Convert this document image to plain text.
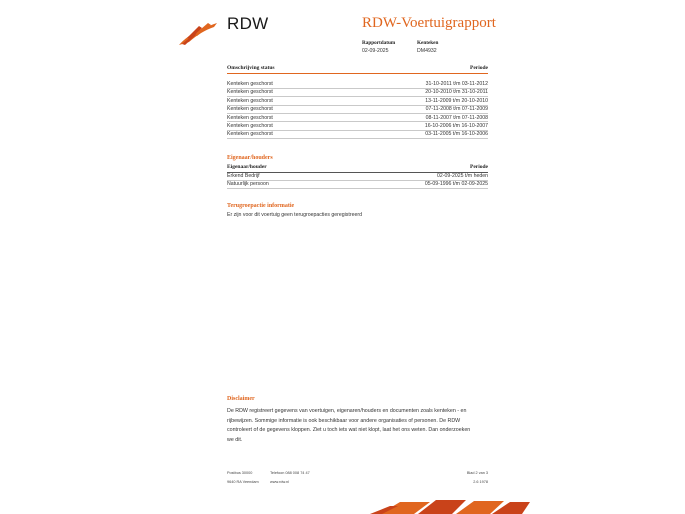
RDW	RDW-Voertuigrapport
Rapportdatum
02-09-2025
Kenteken
DM4932
Omschrijving status	Periode
Kenteken geschorst	31-10-2011 t/m 03-11-2012
Kenteken geschorst	20-10-2010 t/m 31-10-2011
Kenteken geschorst	13-11-2009 t/m 20-10-2010
Kenteken geschorst	07-11-2008 t/m 07-11-2009
Kenteken geschorst	08-11-2007 t/m 07-11-2008
Kenteken geschorst	16-10-2006 t/m 16-10-2007
Kenteken geschorst	03-11-2005 t/m 16-10-2006
Eigenaar/houders
Eigenaar/houder	Periode
Erkend Bedrijf	02-09-2025 t/m heden
Natuurlijk persoon	05-09-1996 t/m 02-09-2025
Terugroepactie informatie
Er zijn voor dit voertuig geen terugroepacties geregistreerd
Disclaimer
De RDW registreert gegevens van voertuigen, eigenaren/houders en documenten zoals kenteken - en
rijbewijzen. Sommige informatie is ook beschikbaar voor andere organisaties of personen. De RDW
controleert of de gegevens kloppen. Ziet u toch iets wat niet klopt, laat het ons weten. Dan onderzoeken
we dit.
Postbus 30000	Telefoon 088 008 74 47	Blad 2 van 3
9640 RA Veendam	www.rdw.nl	2.6 1978
